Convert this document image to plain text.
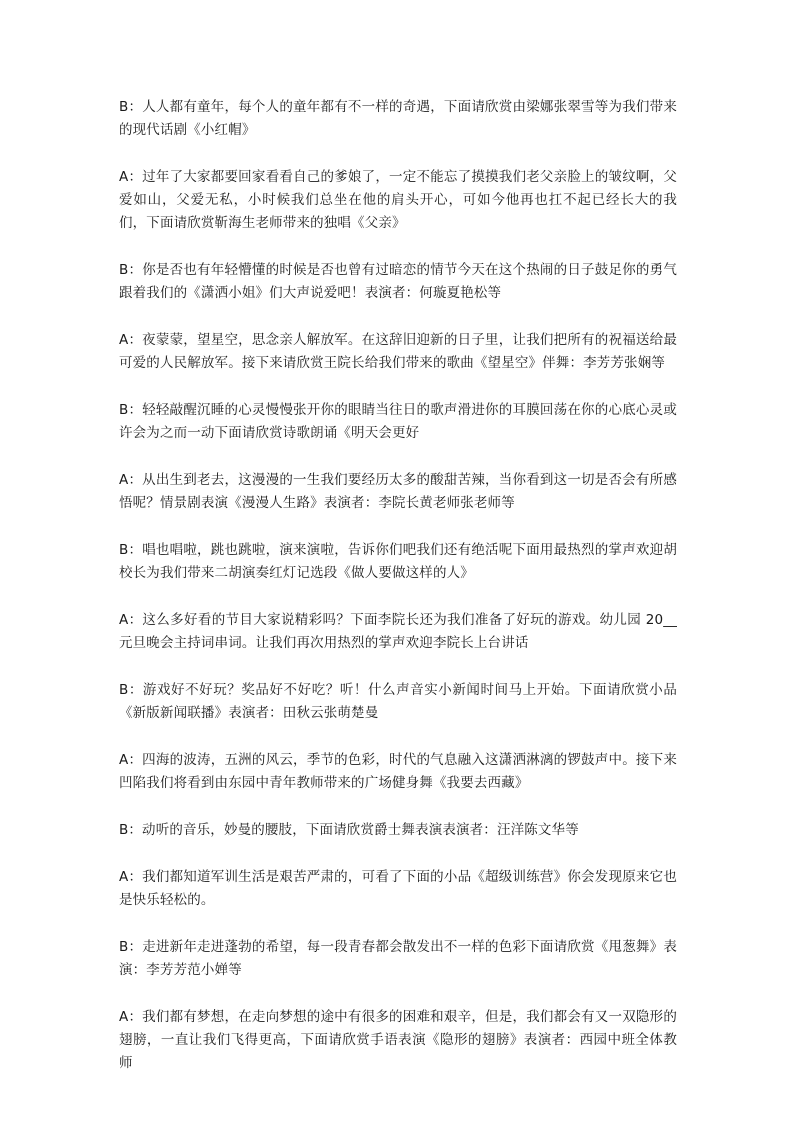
B：人人都有童年，每个人的童年都有不一样的奇遇，下面请欣赏由梁娜张翠雪等为我们带来的现代话剧《小红帽》

A：过年了大家都要回家看看自己的爹娘了，一定不能忘了摸摸我们老父亲脸上的皱纹啊，父爱如山，父爱无私，小时候我们总坐在他的肩头开心，可如今他再也扛不起已经长大的我们，下面请欣赏靳海生老师带来的独唱《父亲》

B：你是否也有年轻懵懂的时候是否也曾有过暗恋的情节今天在这个热闹的日子鼓足你的勇气跟着我们的《潇洒小姐》们大声说爱吧！表演者：何璇夏艳松等

A：夜蒙蒙，望星空，思念亲人解放军。在这辞旧迎新的日子里，让我们把所有的祝福送给最可爱的人民解放军。接下来请欣赏王院长给我们带来的歌曲《望星空》伴舞：李芳芳张娴等

B：轻轻敲醒沉睡的心灵慢慢张开你的眼睛当往日的歌声滑进你的耳膜回荡在你的心底心灵或许会为之而一动下面请欣赏诗歌朗诵《明天会更好

A：从出生到老去，这漫漫的一生我们要经历太多的酸甜苦辣，当你看到这一切是否会有所感悟呢？情景剧表演《漫漫人生路》表演者：李院长黄老师张老师等

B：唱也唱啦，跳也跳啦，演来演啦，告诉你们吧我们还有绝活呢下面用最热烈的掌声欢迎胡校长为我们带来二胡演奏红灯记选段《做人要做这样的人》

A：这么多好看的节目大家说精彩吗？下面李院长还为我们准备了好玩的游戏。幼儿园 20__ 元旦晚会主持词串词。让我们再次用热烈的掌声欢迎李院长上台讲话

B：游戏好不好玩？奖品好不好吃？听！什么声音实小新闻时间马上开始。下面请欣赏小品《新版新闻联播》表演者：田秋云张萌楚曼

A：四海的波涛，五洲的风云，季节的色彩，时代的气息融入这潇洒淋漓的锣鼓声中。接下来凹陷我们将看到由东园中青年教师带来的广场健身舞《我要去西藏》

B：动听的音乐，妙曼的腰肢，下面请欣赏爵士舞表演表演者：汪洋陈文华等

A：我们都知道军训生活是艰苦严肃的，可看了下面的小品《超级训练营》你会发现原来它也是快乐轻松的。

B：走进新年走进蓬勃的希望，每一段青春都会散发出不一样的色彩下面请欣赏《甩葱舞》表演：李芳芳范小婵等

A：我们都有梦想，在走向梦想的途中有很多的困难和艰辛，但是，我们都会有又一双隐形的翅膀，一直让我们飞得更高，下面请欣赏手语表演《隐形的翅膀》表演者：西园中班全体教师
